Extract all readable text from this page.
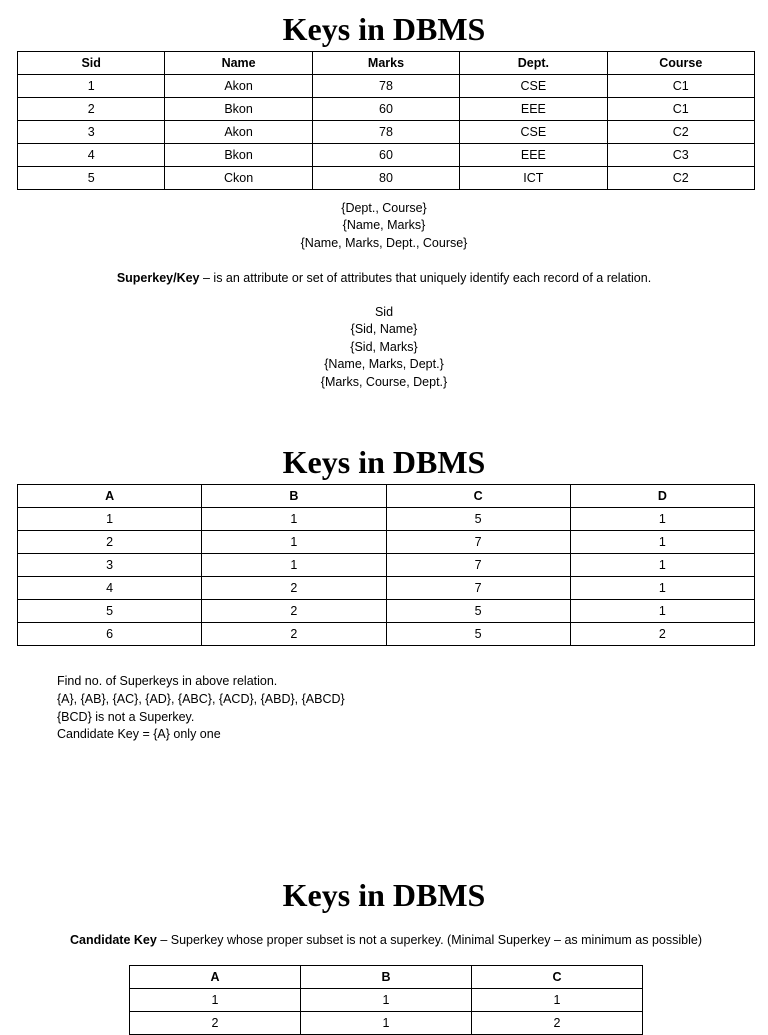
Keys in DBMS
Sid	Name	Marks	Dept.	Course
1	Akon	78	CSE	C1
2	Bkon	60	EEE	C1
3	Akon	78	CSE	C2
4	Bkon	60	EEE	C3
5	Ckon	80	ICT	C2
{Dept., Course}
{Name, Marks}
{Name, Marks, Dept., Course}
Superkey/Key – is an attribute or set of attributes that uniquely identify each record of a relation.
Sid
{Sid, Name}
{Sid, Marks}
{Name, Marks, Dept.}
{Marks, Course, Dept.}
Keys in DBMS
A	B	C	D
1	1	5	1
2	1	7	1
3	1	7	1
4	2	7	1
5	2	5	1
6	2	5	2
Find no. of Superkeys in above relation.
{A}, {AB}, {AC}, {AD}, {ABC}, {ACD}, {ABD}, {ABCD}
{BCD} is not a Superkey.
Candidate Key = {A} only one
Keys in DBMS
Candidate Key – Superkey whose proper subset is not a superkey. (Minimal Superkey – as minimum as possible)
A	B	C
1	1	1
2	1	2
